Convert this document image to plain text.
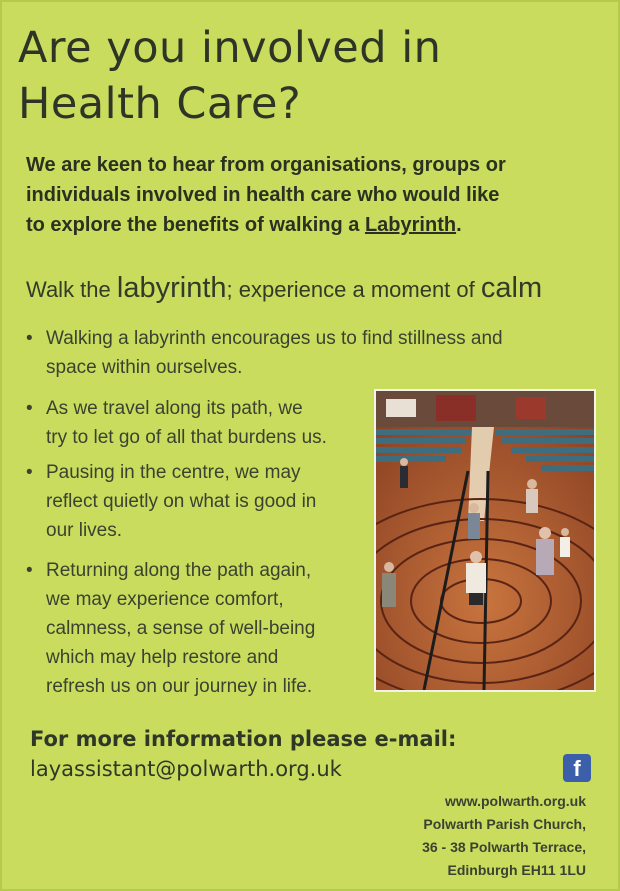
Are you involved in
Health Care?
We are keen to hear from organisations, groups or
individuals involved in health care who would like
to explore the benefits of walking a Labyrinth.
Walk the labyrinth; experience a moment of calm
• Walking a labyrinth encourages us to find stillness and
space within ourselves.
• As we travel along its path, we
try to let go of all that burdens us.
• Pausing in the centre, we may
reflect quietly on what is good in
our lives.
• Returning along the path again,
we may experience comfort,
calmness, a sense of well-being
which may help restore and
refresh us on our journey in life.
For more information please e-mail:
layassistant@polwarth.org.uk	f
www.polwarth.org.uk
Polwarth Parish Church,
36 - 38 Polwarth Terrace,
Edinburgh EH11 1LU
